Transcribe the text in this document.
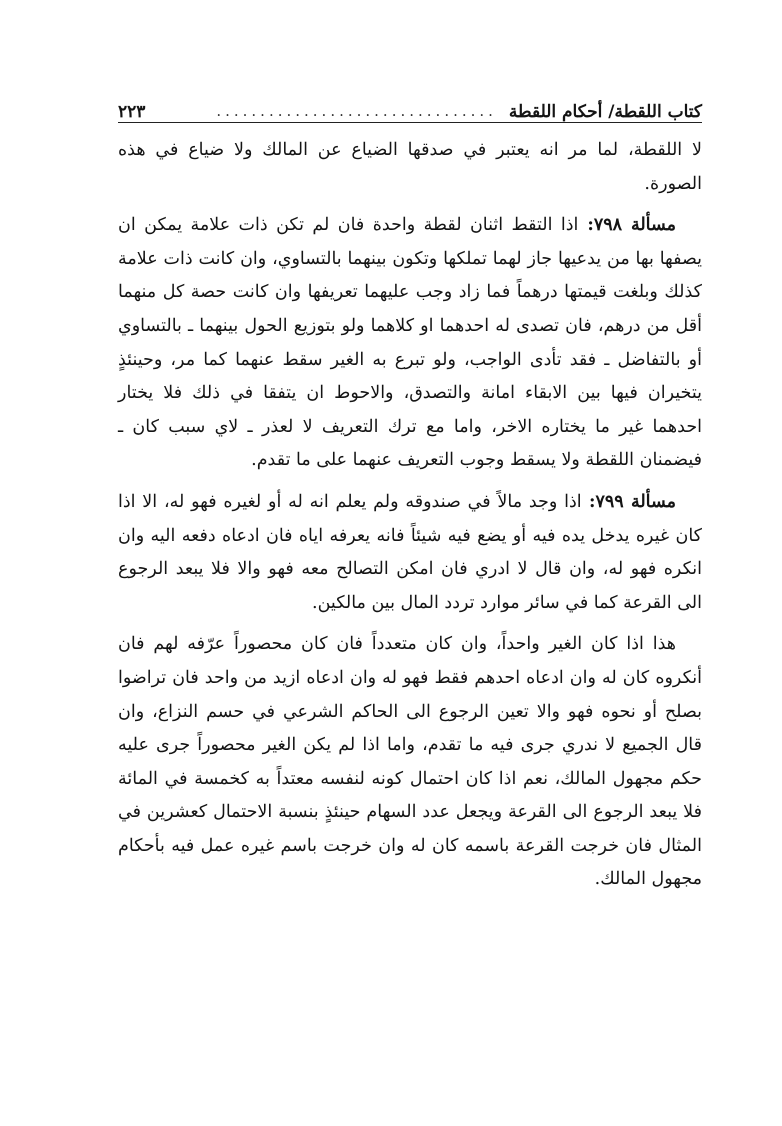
كتاب اللقطة/ أحكام اللقطة
................................
٢٢٣

لا اللقطة، لما مر انه يعتبر في صدقها الضياع عن المالك ولا ضياع في هذه الصورة.

مسألة ٧٩٨: اذا التقط اثنان لقطة واحدة فان لم تكن ذات علامة يمكن ان يصفها بها من يدعيها جاز لهما تملكها وتكون بينهما بالتساوي، وان كانت ذات علامة كذلك وبلغت قيمتها درهماً فما زاد وجب عليهما تعريفها وان كانت حصة كل منهما أقل من درهم، فان تصدى له احدهما او كلاهما ولو بتوزيع الحول بينهما ـ بالتساوي أو بالتفاضل ـ فقد تأدى الواجب، ولو تبرع به الغير سقط عنهما كما مر، وحينئذٍ يتخيران فيها بين الابقاء امانة والتصدق، والاحوط ان يتفقا في ذلك فلا يختار احدهما غير ما يختاره الاخر، واما مع ترك التعريف لا لعذر ـ لاي سبب كان ـ فيضمنان اللقطة ولا يسقط وجوب التعريف عنهما على ما تقدم.

مسألة ٧٩٩: اذا وجد مالاً في صندوقه ولم يعلم انه له أو لغيره فهو له، الا اذا كان غيره يدخل يده فيه أو يضع فيه شيئاً فانه يعرفه اياه فان ادعاه دفعه اليه وان انكره فهو له، وان قال لا ادري فان امكن التصالح معه فهو والا فلا يبعد الرجوع الى القرعة كما في سائر موارد تردد المال بين مالكين.

هذا اذا كان الغير واحداً، وان كان متعدداً فان كان محصوراً عرّفه لهم فان أنكروه كان له وان ادعاه احدهم فقط فهو له وان ادعاه ازيد من واحد فان تراضوا بصلح أو نحوه فهو والا تعين الرجوع الى الحاكم الشرعي في حسم النزاع، وان قال الجميع لا ندري جرى فيه ما تقدم، واما اذا لم يكن الغير محصوراً جرى عليه حكم مجهول المالك، نعم اذا كان احتمال كونه لنفسه معتداً به كخمسة في المائة فلا يبعد الرجوع الى القرعة ويجعل عدد السهام حينئذٍ بنسبة الاحتمال كعشرين في المثال فان خرجت القرعة باسمه كان له وان خرجت باسم غيره عمل فيه بأحكام مجهول المالك.
